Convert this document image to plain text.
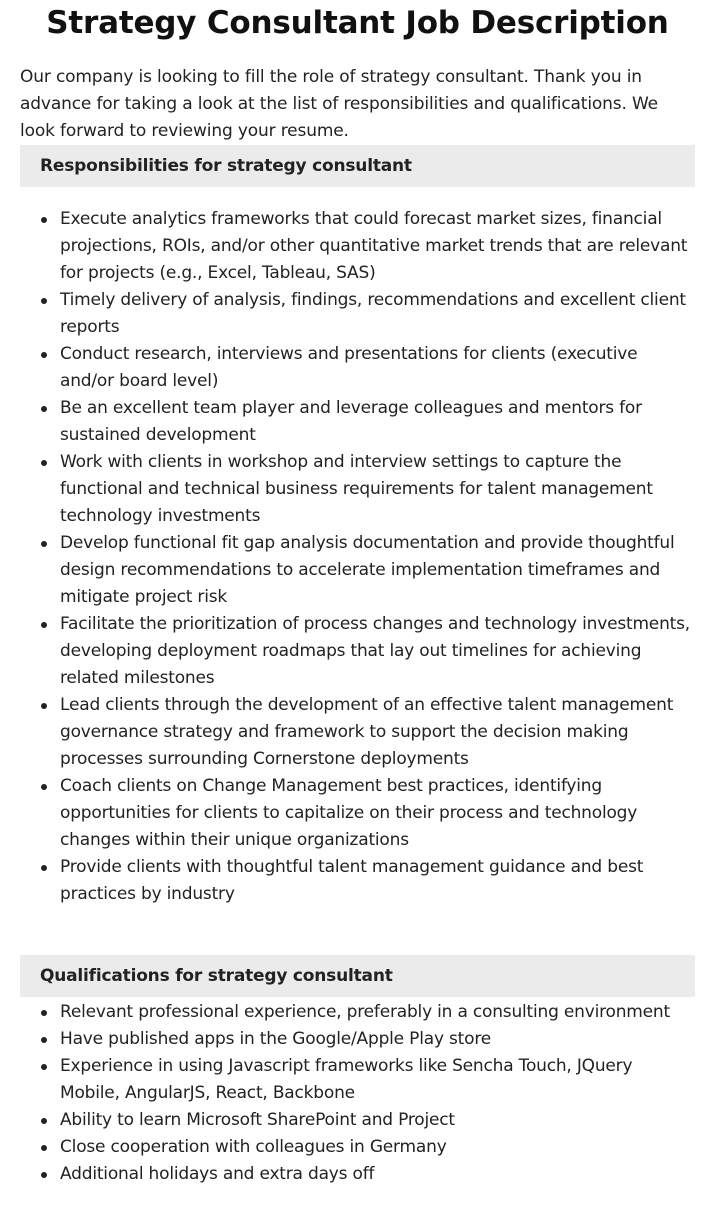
Strategy Consultant Job Description

Our company is looking to fill the role of strategy consultant. Thank you in advance for taking a look at the list of responsibilities and qualifications. We look forward to reviewing your resume.

Responsibilities for strategy consultant
Execute analytics frameworks that could forecast market sizes, financial projections, ROIs, and/or other quantitative market trends that are relevant for projects (e.g., Excel, Tableau, SAS)
Timely delivery of analysis, findings, recommendations and excellent client reports
Conduct research, interviews and presentations for clients (executive and/or board level)
Be an excellent team player and leverage colleagues and mentors for sustained development
Work with clients in workshop and interview settings to capture the functional and technical business requirements for talent management technology investments
Develop functional fit gap analysis documentation and provide thoughtful design recommendations to accelerate implementation timeframes and mitigate project risk
Facilitate the prioritization of process changes and technology investments, developing deployment roadmaps that lay out timelines for achieving related milestones
Lead clients through the development of an effective talent management governance strategy and framework to support the decision making processes surrounding Cornerstone deployments
Coach clients on Change Management best practices, identifying opportunities for clients to capitalize on their process and technology changes within their unique organizations
Provide clients with thoughtful talent management guidance and best practices by industry
Qualifications for strategy consultant
Relevant professional experience, preferably in a consulting environment
Have published apps in the Google/Apple Play store
Experience in using Javascript frameworks like Sencha Touch, JQuery Mobile, AngularJS, React, Backbone
Ability to learn Microsoft SharePoint and Project
Close cooperation with colleagues in Germany
Additional holidays and extra days off
